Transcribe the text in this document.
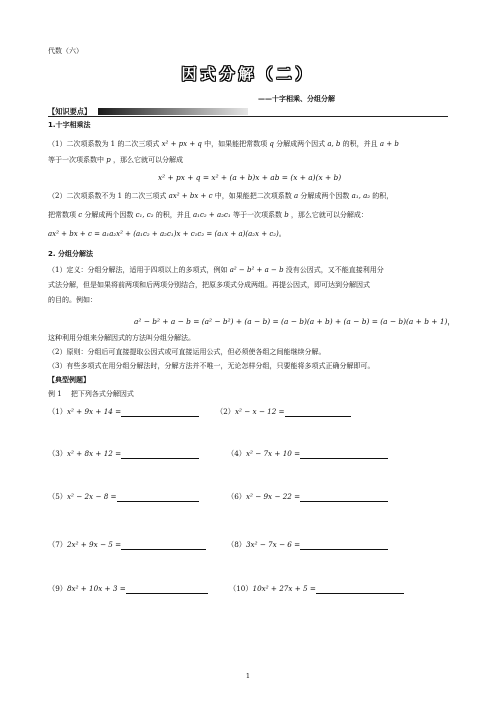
代数（六）
因式分解（二）
——十字相乘、分组分解
【知识要点】
1.十字相乘法
（1）二次项系数为 1 的二次三项式 x² + px + q 中，如果能把常数项 q 分解成两个因式 a, b 的积，并且 a + b
等于一次项系数中 p ，那么它就可以分解成
x² + px + q = x² + (a + b)x + ab = (x + a)(x + b)
（2）二次项系数不为 1 的二次三项式 ax² + bx + c 中，如果能把二次项系数 a 分解成两个因数 a₁, a₂ 的积，
把常数项 c 分解成两个因数 c₁, c₂ 的积，并且 a₁c₂ + a₂c₁ 等于一次项系数 b ，那么它就可以分解成：
ax² + bx + c = a₁a₂x² + (a₁c₂ + a₂c₁)x + c₁c₂ = (a₁x + a)(a₂x + c₂)。
2. 分组分解法
（1）定义：分组分解法，适用于四项以上的多项式，例如 a² − b² + a − b 没有公因式，又不能直接利用分
式法分解，但是如果将前两项和后两项分别结合，把原多项式分成两组。再提公因式，即可达到分解因式
的目的。例如：
a² − b² + a − b = (a² − b²) + (a − b) = (a − b)(a + b) + (a − b) = (a − b)(a + b + 1)，
这种利用分组来分解因式的方法叫分组分解法。
（2）原则：分组后可直接提取公因式或可直接运用公式，但必须使各组之间能继续分解。
（3）有些多项式在用分组分解法时，分解方法并不唯一，无论怎样分组，只要能将多项式正确分解即可。
【典型例题】
例 1　 把下列各式分解因式
（1）x² + 9x + 14 =	（2）x² − x − 12 =
（3）x² + 8x + 12 =	（4）x² − 7x + 10 =
（5）x² − 2x − 8 =	（6）x² − 9x − 22 =
（7）2x² + 9x − 5 =	（8）3x² − 7x − 6 =
（9）8x² + 10x + 3 =	（10）10x² + 27x + 5 =
1
